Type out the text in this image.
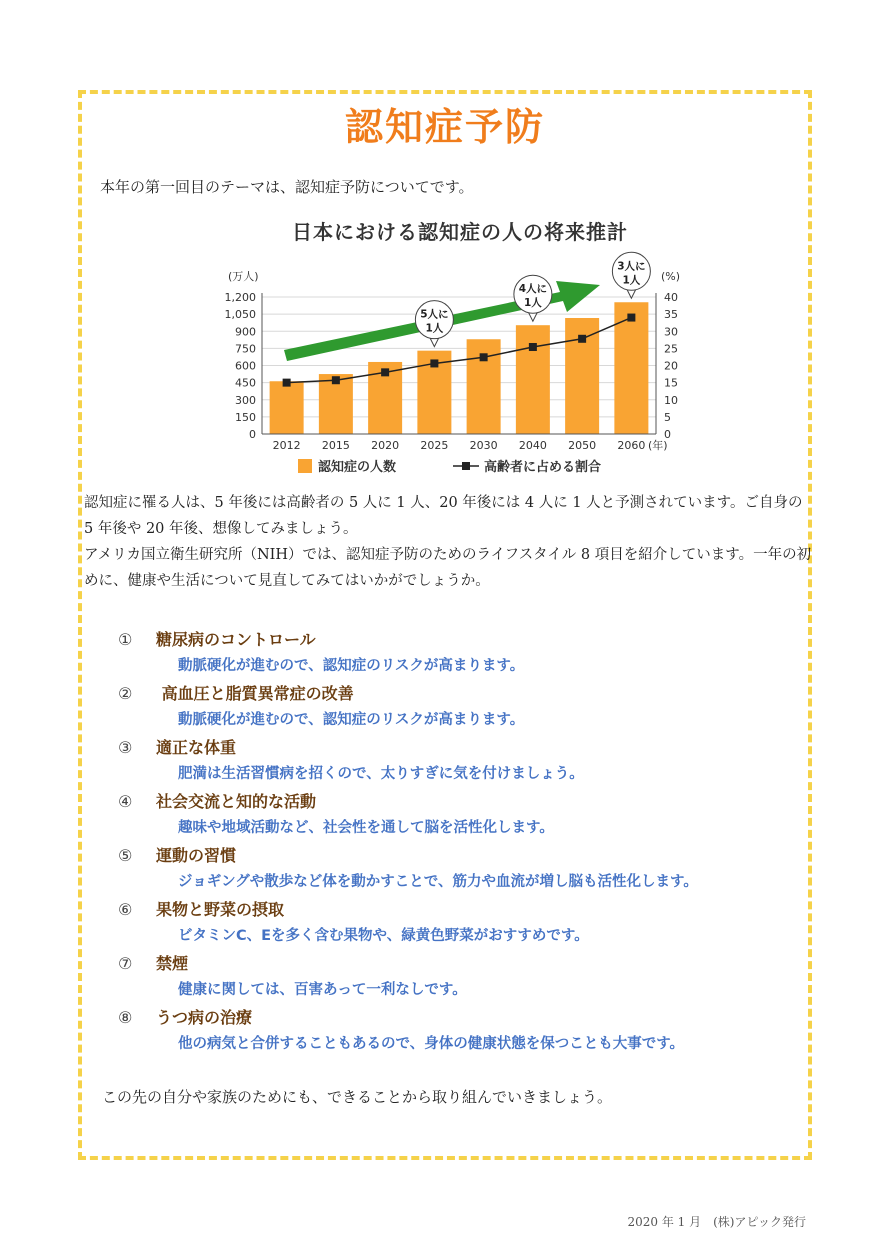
認知症予防
本年の第一回目のテーマは、認知症予防についてです。
日本における認知症の人の将来推計
5人に
1人
4人に
1人
3人に
1人
0
150
300
450
600
750
900
1,050
1,200
0
5
10
15
20
25
30
35
40
(万人)	(%)
2012 2015 2020 2025 2030 2040 2050 2060 (年)
認知症の人数	高齢者に占める割合
認知症に罹る人は、5 年後には高齢者の 5 人に 1 人、20 年後には 4 人に 1 人と予測されています。ご自身の 5 年後や 20 年後、想像してみましょう。
アメリカ国立衛生研究所（NIH）では、認知症予防のためのライフスタイル 8 項目を紹介しています。一年の初めに、健康や生活について見直してみてはいかがでしょうか。
① 糖尿病のコントロール
動脈硬化が進むので、認知症のリスクが高まります。
② 高血圧と脂質異常症の改善
動脈硬化が進むので、認知症のリスクが高まります。
③ 適正な体重
肥満は生活習慣病を招くので、太りすぎに気を付けましょう。
④ 社会交流と知的な活動
趣味や地域活動など、社会性を通して脳を活性化します。
⑤ 運動の習慣
ジョギングや散歩など体を動かすことで、筋力や血流が増し脳も活性化します。
⑥ 果物と野菜の摂取
ビタミンC、Eを多く含む果物や、緑黄色野菜がおすすめです。
⑦ 禁煙
健康に関しては、百害あって一利なしです。
⑧ うつ病の治療
他の病気と合併することもあるので、身体の健康状態を保つことも大事です。
この先の自分や家族のためにも、できることから取り組んでいきましょう。
2020 年 1 月　(株)アピック発行
